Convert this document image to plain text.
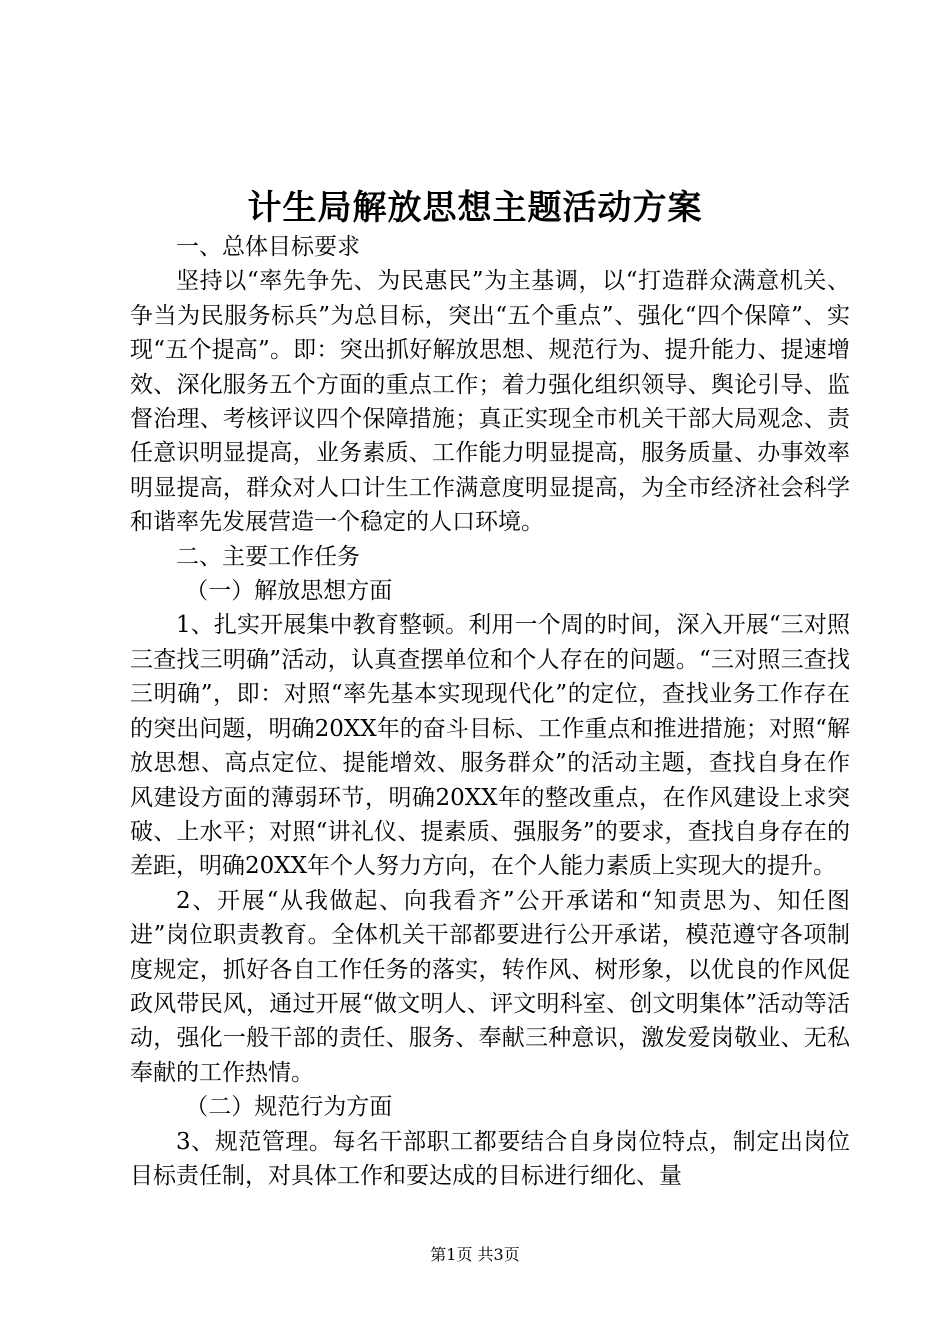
计生局解放思想主题活动方案

一、总体目标要求

坚持以“率先争先、为民惠民”为主基调，以“打造群众满意机关、争当为民服务标兵”为总目标，突出“五个重点”、强化“四个保障”、实现“五个提高”。即：突出抓好解放思想、规范行为、提升能力、提速增效、深化服务五个方面的重点工作；着力强化组织领导、舆论引导、监督治理、考核评议四个保障措施；真正实现全市机关干部大局观念、责任意识明显提高，业务素质、工作能力明显提高，服务质量、办事效率明显提高，群众对人口计生工作满意度明显提高，为全市经济社会科学和谐率先发展营造一个稳定的人口环境。

二、主要工作任务

（一）解放思想方面

1、扎实开展集中教育整顿。利用一个周的时间，深入开展“三对照三查找三明确”活动，认真查摆单位和个人存在的问题。“三对照三查找三明确”，即：对照“率先基本实现现代化”的定位，查找业务工作存在的突出问题，明确20XX年的奋斗目标、工作重点和推进措施；对照“解放思想、高点定位、提能增效、服务群众”的活动主题，查找自身在作风建设方面的薄弱环节，明确20XX年的整改重点，在作风建设上求突破、上水平；对照“讲礼仪、提素质、强服务”的要求，查找自身存在的差距，明确20XX年个人努力方向，在个人能力素质上实现大的提升。

2、开展“从我做起、向我看齐”公开承诺和“知责思为、知任图进”岗位职责教育。全体机关干部都要进行公开承诺，模范遵守各项制度规定，抓好各自工作任务的落实，转作风、树形象，以优良的作风促政风带民风，通过开展“做文明人、评文明科室、创文明集体”活动等活动，强化一般干部的责任、服务、奉献三种意识，激发爱岗敬业、无私奉献的工作热情。

（二）规范行为方面

3、规范管理。每名干部职工都要结合自身岗位特点，制定出岗位目标责任制，对具体工作和要达成的目标进行细化、量

第1页 共3页
